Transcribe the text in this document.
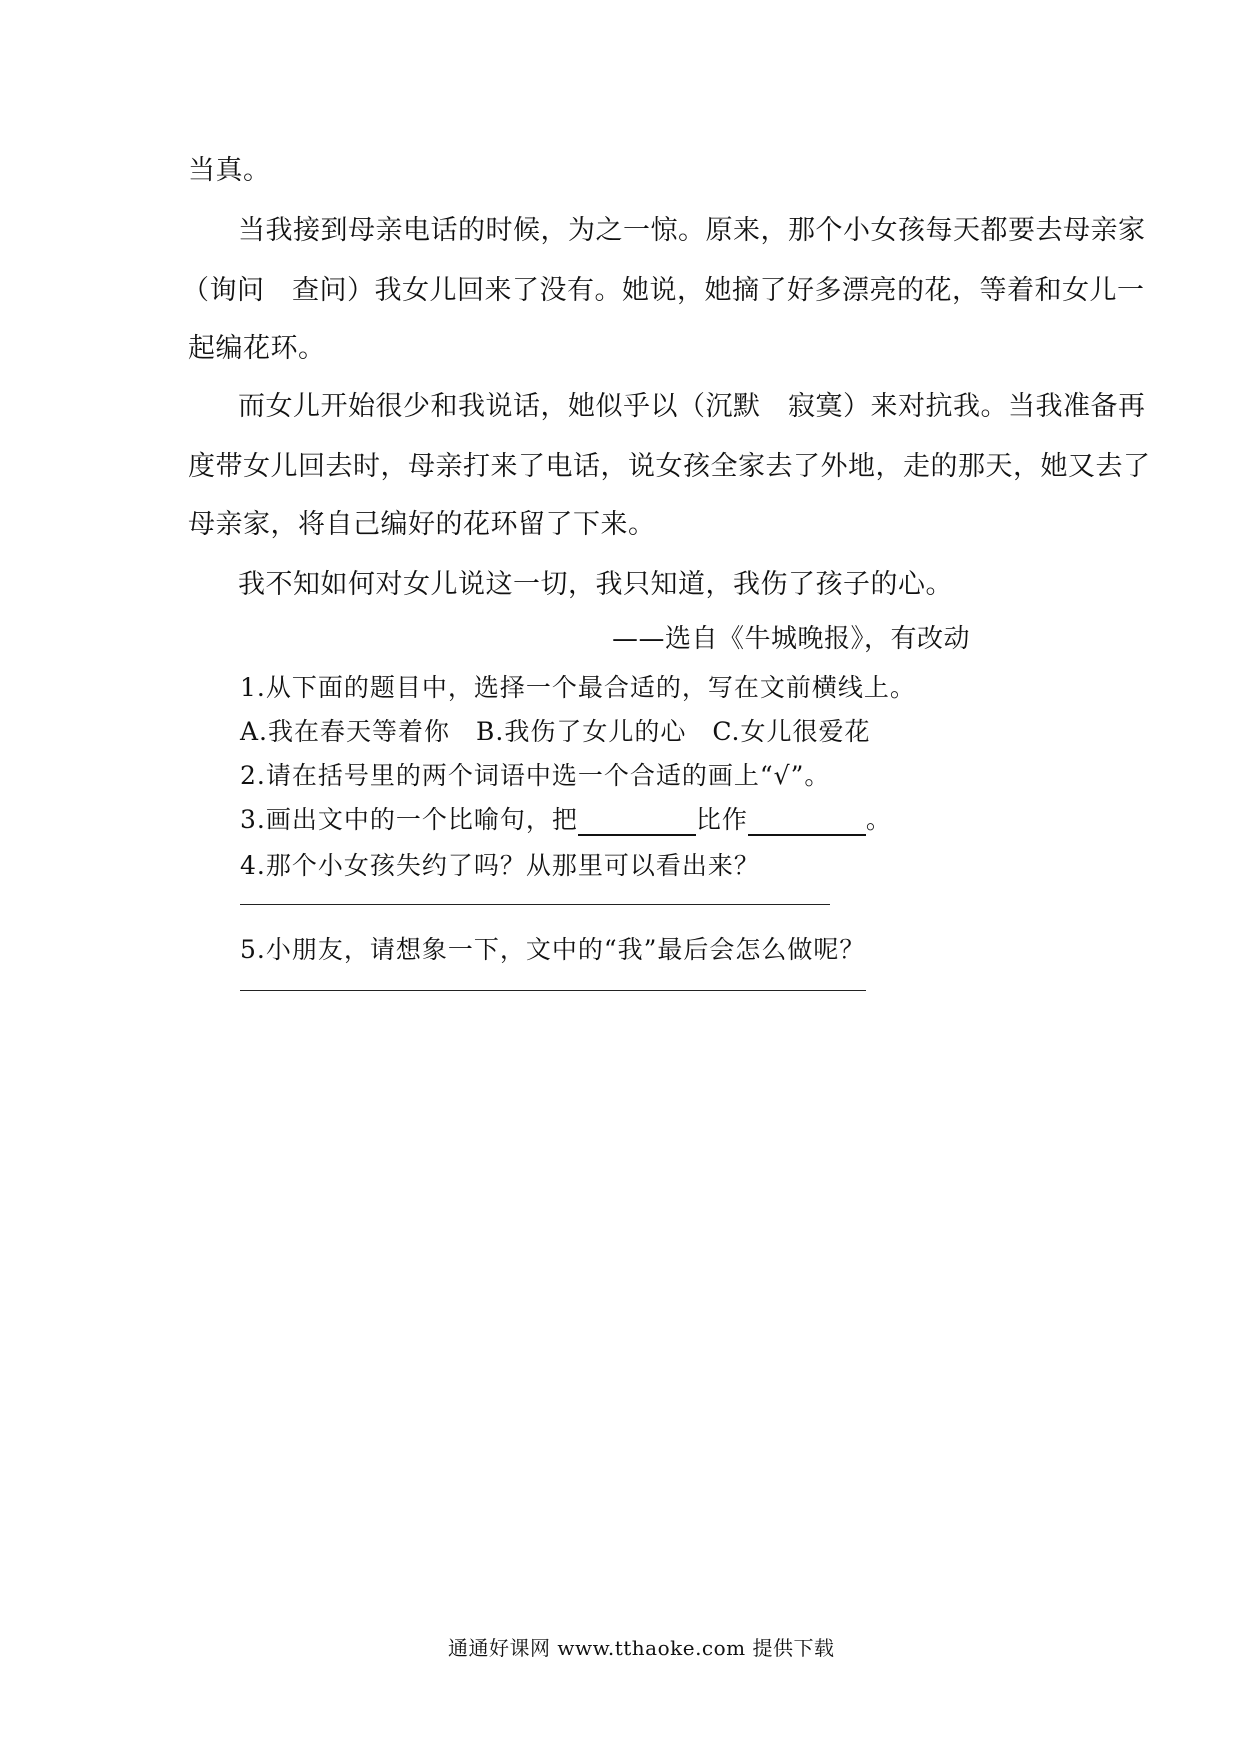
当真。

当我接到母亲电话的时候，为之一惊。原来，那个小女孩每天都要去母亲家

（询问　查问）我女儿回来了没有。她说，她摘了好多漂亮的花，等着和女儿一

起编花环。

而女儿开始很少和我说话，她似乎以（沉默　寂寞）来对抗我。当我准备再

度带女儿回去时，母亲打来了电话，说女孩全家去了外地，走的那天，她又去了

母亲家，将自己编好的花环留了下来。

我不知如何对女儿说这一切，我只知道，我伤了孩子的心。

——选自《牛城晚报》，有改动

1.从下面的题目中，选择一个最合适的，写在文前横线上。

A.我在春天等着你　B.我伤了女儿的心　C.女儿很爱花

2.请在括号里的两个词语中选一个合适的画上“√”。

3.画出文中的一个比喻句，把	比作	。

4.那个小女孩失约了吗？从那里可以看出来？

5.小朋友，请想象一下，文中的“我”最后会怎么做呢？

通通好课网 www.tthaoke.com 提供下载
